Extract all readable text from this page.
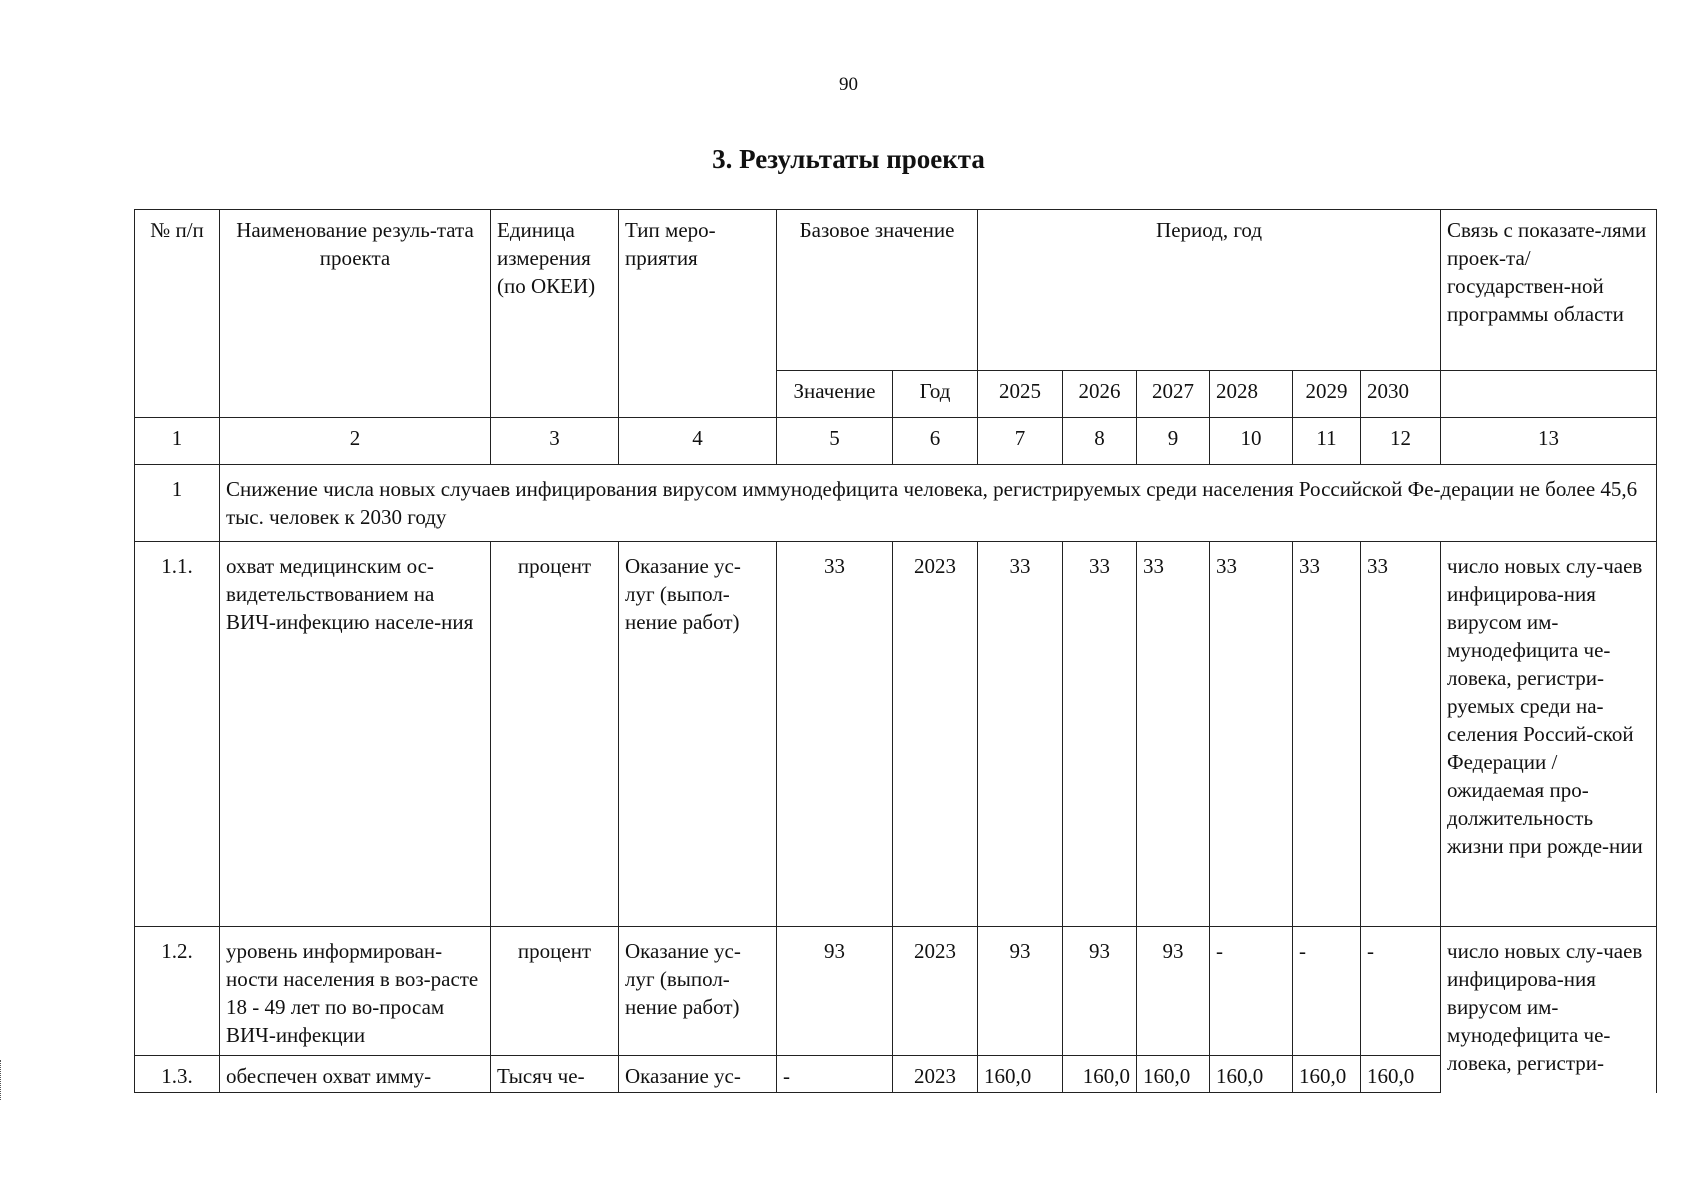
90
3. Результаты проекта
№ п/п	Наименование резуль-тата проекта	Единица измерения (по ОКЕИ)	Тип меро-приятия	Базовое значение		Период, год						Связь с показате-лями проек-та/государствен-ной программы области
				Значение	Год	2025	2026	2027	2028	2029	2030	
1	2	3	4	5	6	7	8	9	10	11	12	13
1	Снижение числа новых случаев инфицирования вирусом иммунодефицита человека, регистрируемых среди населения Российской Фе-дерации не более 45,6 тыс. человек к 2030 году											
1.1.	охват медицинским ос-видетельствованием на ВИЧ-инфекцию населе-ния	процент	Оказание ус-луг (выпол-нение работ)	33	2023	33	33	33	33	33	33	число новых слу-чаев инфицирова-ния вирусом им-мунодефицита че-ловека, регистри-руемых среди на-селения Россий-ской Федерации / ожидаемая про-должительность жизни при рожде-нии
1.2.	уровень информирован-ности населения в воз-расте 18 - 49 лет по во-просам ВИЧ-инфекции	процент	Оказание ус-луг (выпол-нение работ)	93	2023	93	93	93	-	-	-	число новых слу-чаев инфицирова-ния вирусом им-мунодефицита че-ловека, регистри-
1.3.	обеспечен охват имму-	Тысяч че-	Оказание ус-	-	2023	160,0	160,0	160,0	160,0	160,0	160,0	
